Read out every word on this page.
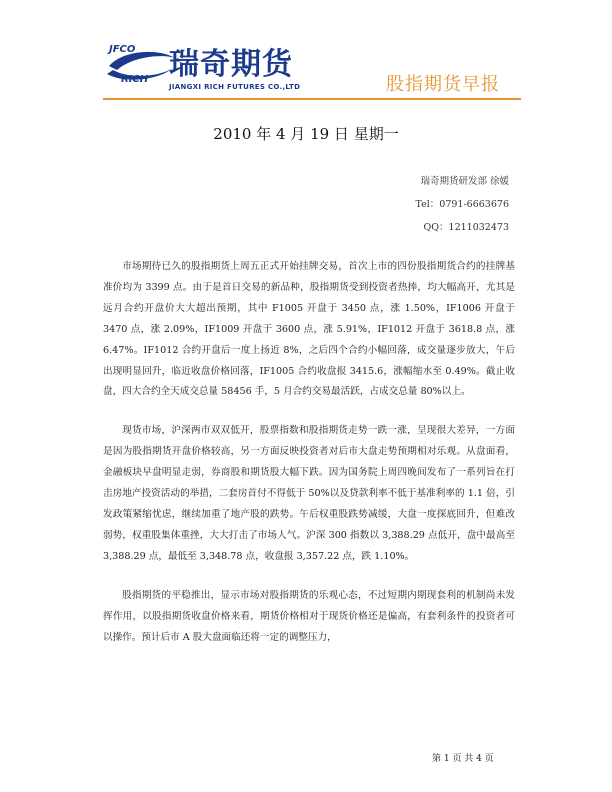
JFCO
RICH 瑞奇期货
JIANGXI RICH FUTURES CO.,LTD	股指期货早报
2010 年 4 月 19 日 星期一
瑞奇期货研发部 徐媛
Tel：0791-6663676
QQ：1211032473

市场期待已久的股指期货上周五正式开始挂牌交易，首次上市的四份股指期货合约的挂牌基准价均为 3399 点。由于是首日交易的新品种，股指期货受到投资者热捧，均大幅高开，尤其是远月合约开盘价大大超出预期，其中 F1005 开盘于 3450 点，涨 1.50%，IF1006 开盘于 3470 点，涨 2.09%，IF1009 开盘于 3600 点，涨 5.91%，IF1012 开盘于 3618.8 点，涨 6.47%。IF1012 合约开盘后一度上扬近 8%，之后四个合约小幅回落，成交量逐步放大，午后出现明显回升，临近收盘价格回落，IF1005 合约收盘报 3415.6，涨幅缩水至 0.49%。截止收盘，四大合约全天成交总量 58456 手，5 月合约交易最活跃，占成交总量 80%以上。

现货市场，沪深两市双双低开，股票指数和股指期货走势一跌一涨，呈现很大差异，一方面是因为股指期货开盘价格较高，另一方面反映投资者对后市大盘走势预期相对乐观。从盘面看，金融板块早盘明显走弱，券商股和期货股大幅下跌。因为国务院上周四晚间发布了一系列旨在打击房地产投资活动的举措，二套房首付不得低于 50%以及贷款利率不低于基准利率的 1.1 倍，引发政策紧缩忧虑，继续加重了地产股的跌势。午后权重股跌势减缓，大盘一度探底回升，但难改弱势，权重股集体重挫，大大打击了市场人气。沪深 300 指数以 3,388.29 点低开，盘中最高至 3,388.29 点，最低至 3,348.78 点，收盘报 3,357.22 点，跌 1.10%。

股指期货的平稳推出，显示市场对股指期货的乐观心态，不过短期内期现套利的机制尚未发挥作用，以股指期货收盘价格来看，期货价格相对于现货价格还是偏高，有套利条件的投资者可以操作。预计后市 A 股大盘面临还将一定的调整压力，

第 1 页 共 4 页
